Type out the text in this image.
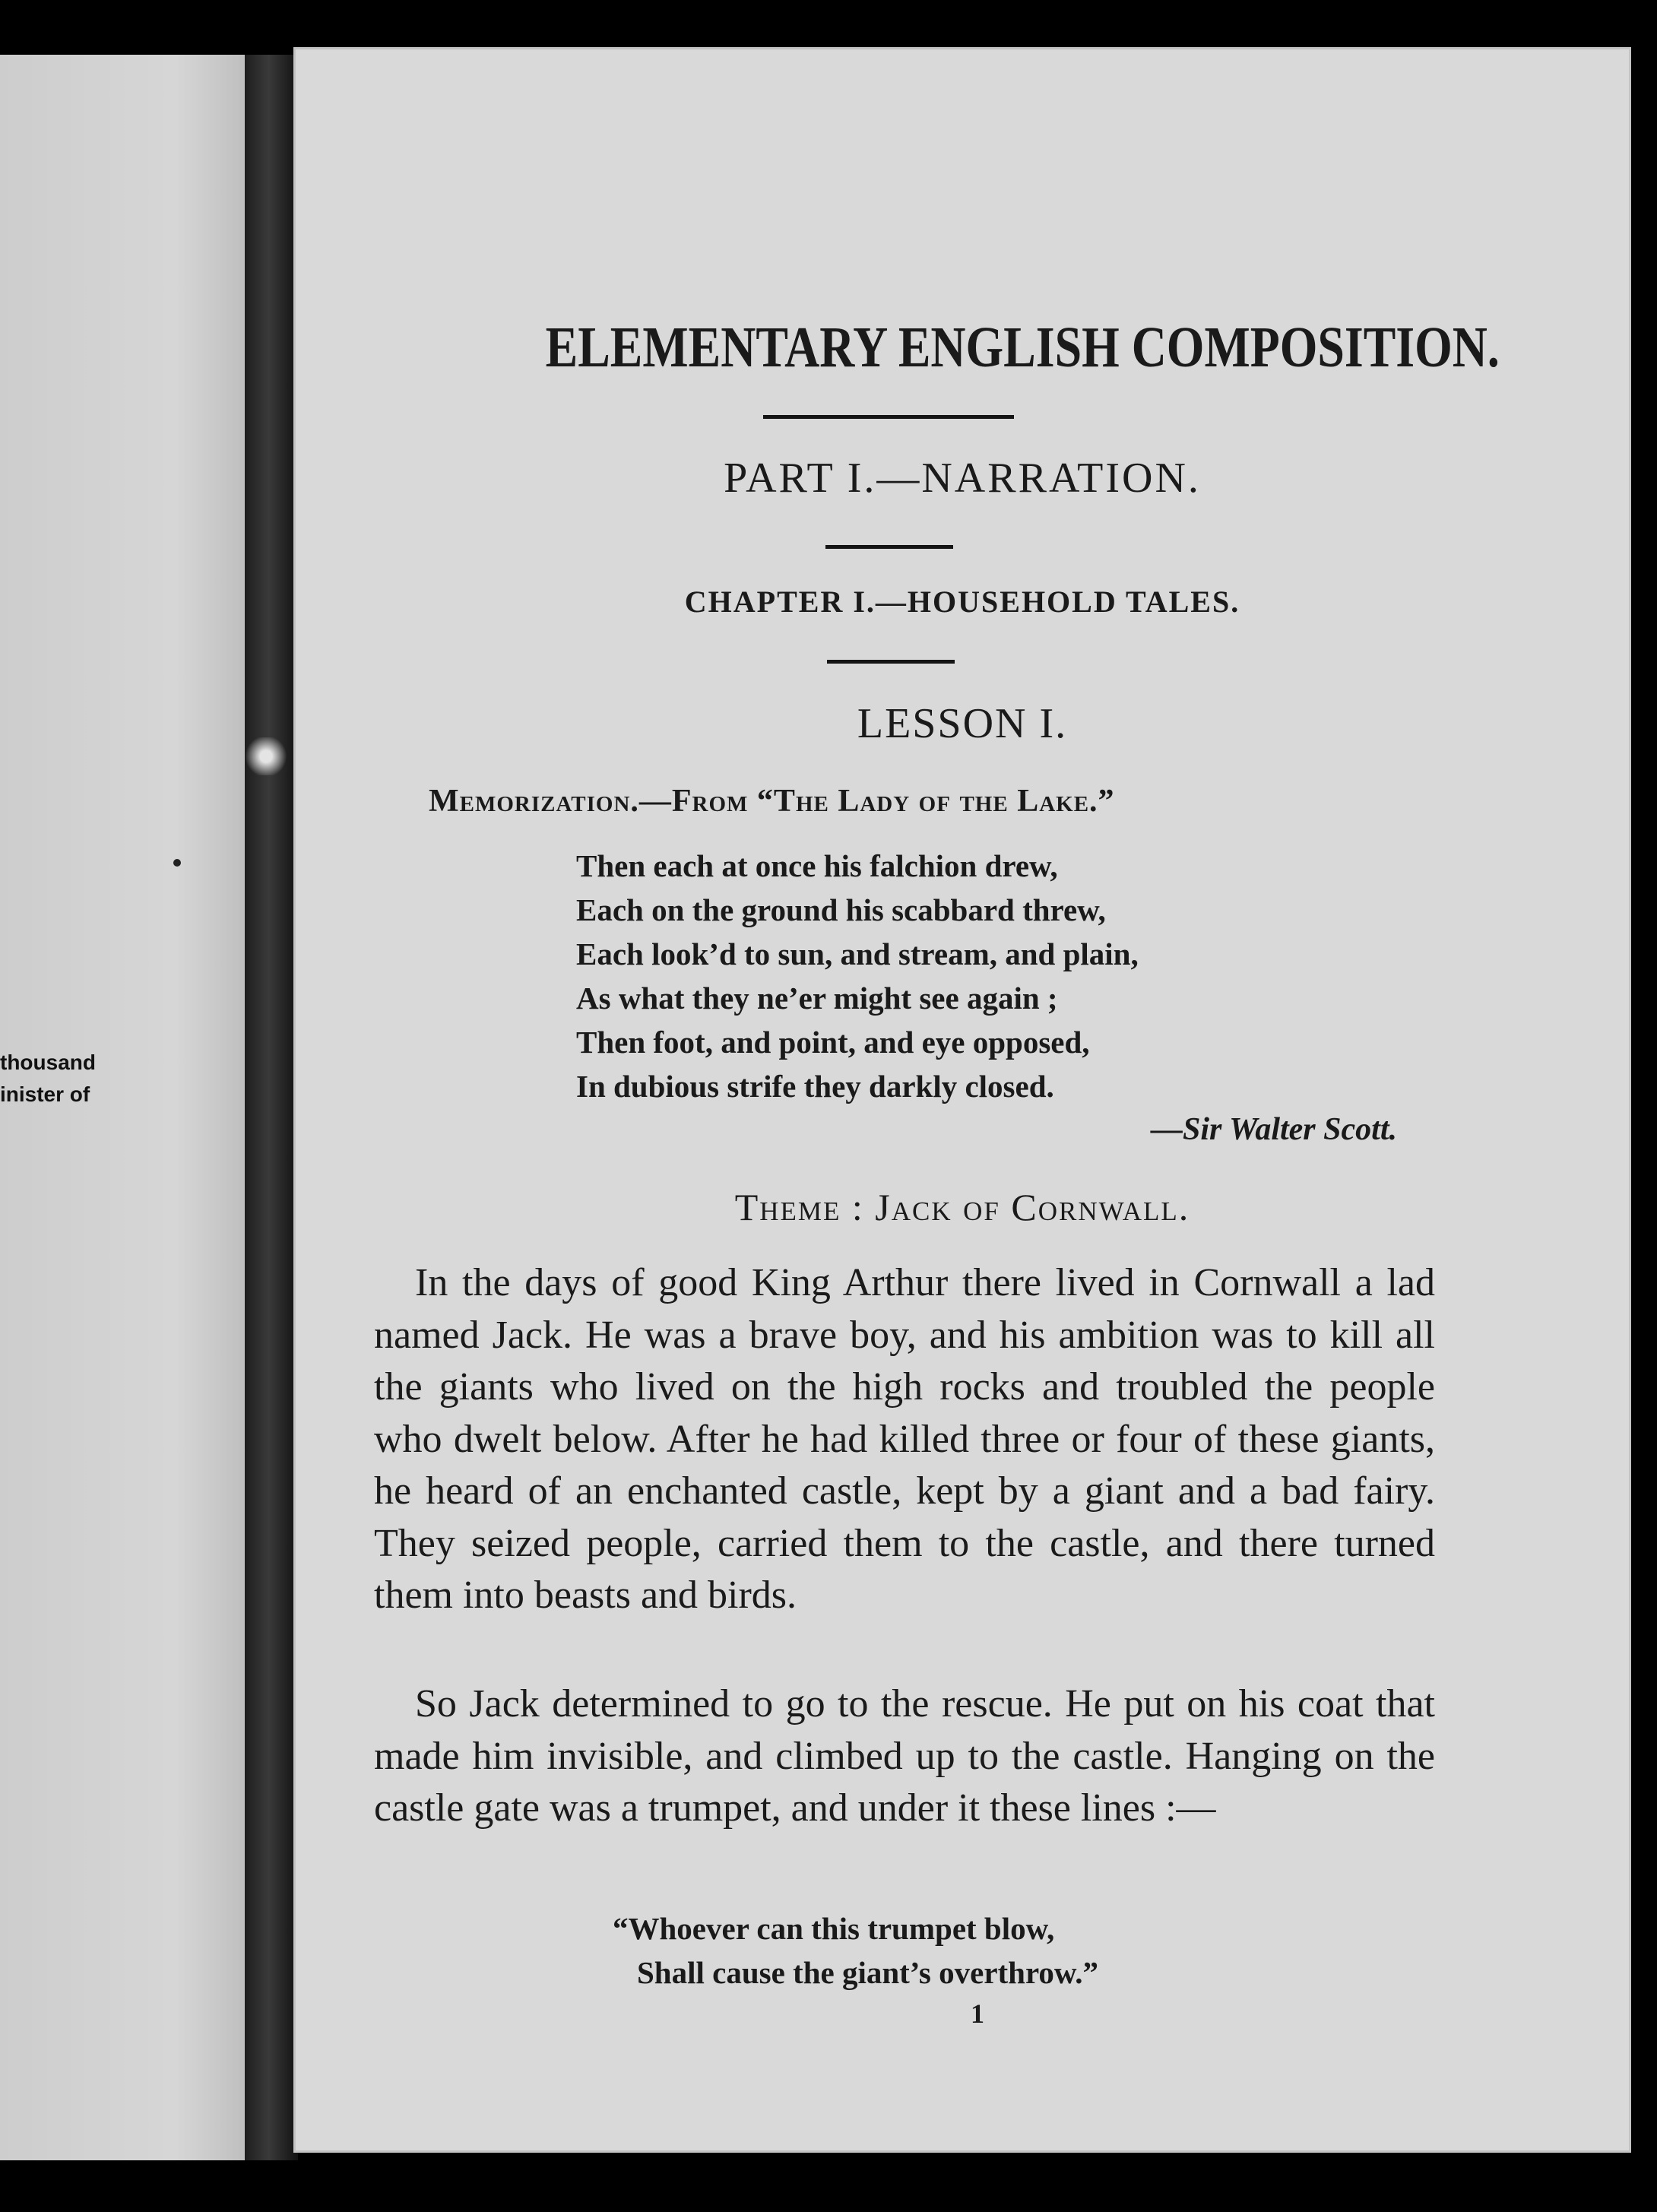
thousand
inister of
ELEMENTARY ENGLISH COMPOSITION.
PART I.—NARRATION.
CHAPTER I.—HOUSEHOLD TALES.
LESSON I.
Memorization.—From “The Lady of the Lake.”
Then each at once his falchion drew,
Each on the ground his scabbard threw,
Each look’d to sun, and stream, and plain,
As what they ne’er might see again ;
Then foot, and point, and eye opposed,
In dubious strife they darkly closed.
—Sir Walter Scott.
Theme : Jack of Cornwall.

In the days of good King Arthur there lived in Cornwall a lad named Jack. He was a brave boy, and his ambition was to kill all the giants who lived on the high rocks and troubled the people who dwelt below. After he had killed three or four of these giants, he heard of an enchanted castle, kept by a giant and a bad fairy. They seized people, carried them to the castle, and there turned them into beasts and birds.

So Jack determined to go to the rescue. He put on his coat that made him invisible, and climbed up to the castle. Hanging on the castle gate was a trumpet, and under it these lines :—

“Whoever can this trumpet blow,
Shall cause the giant’s overthrow.”
1
